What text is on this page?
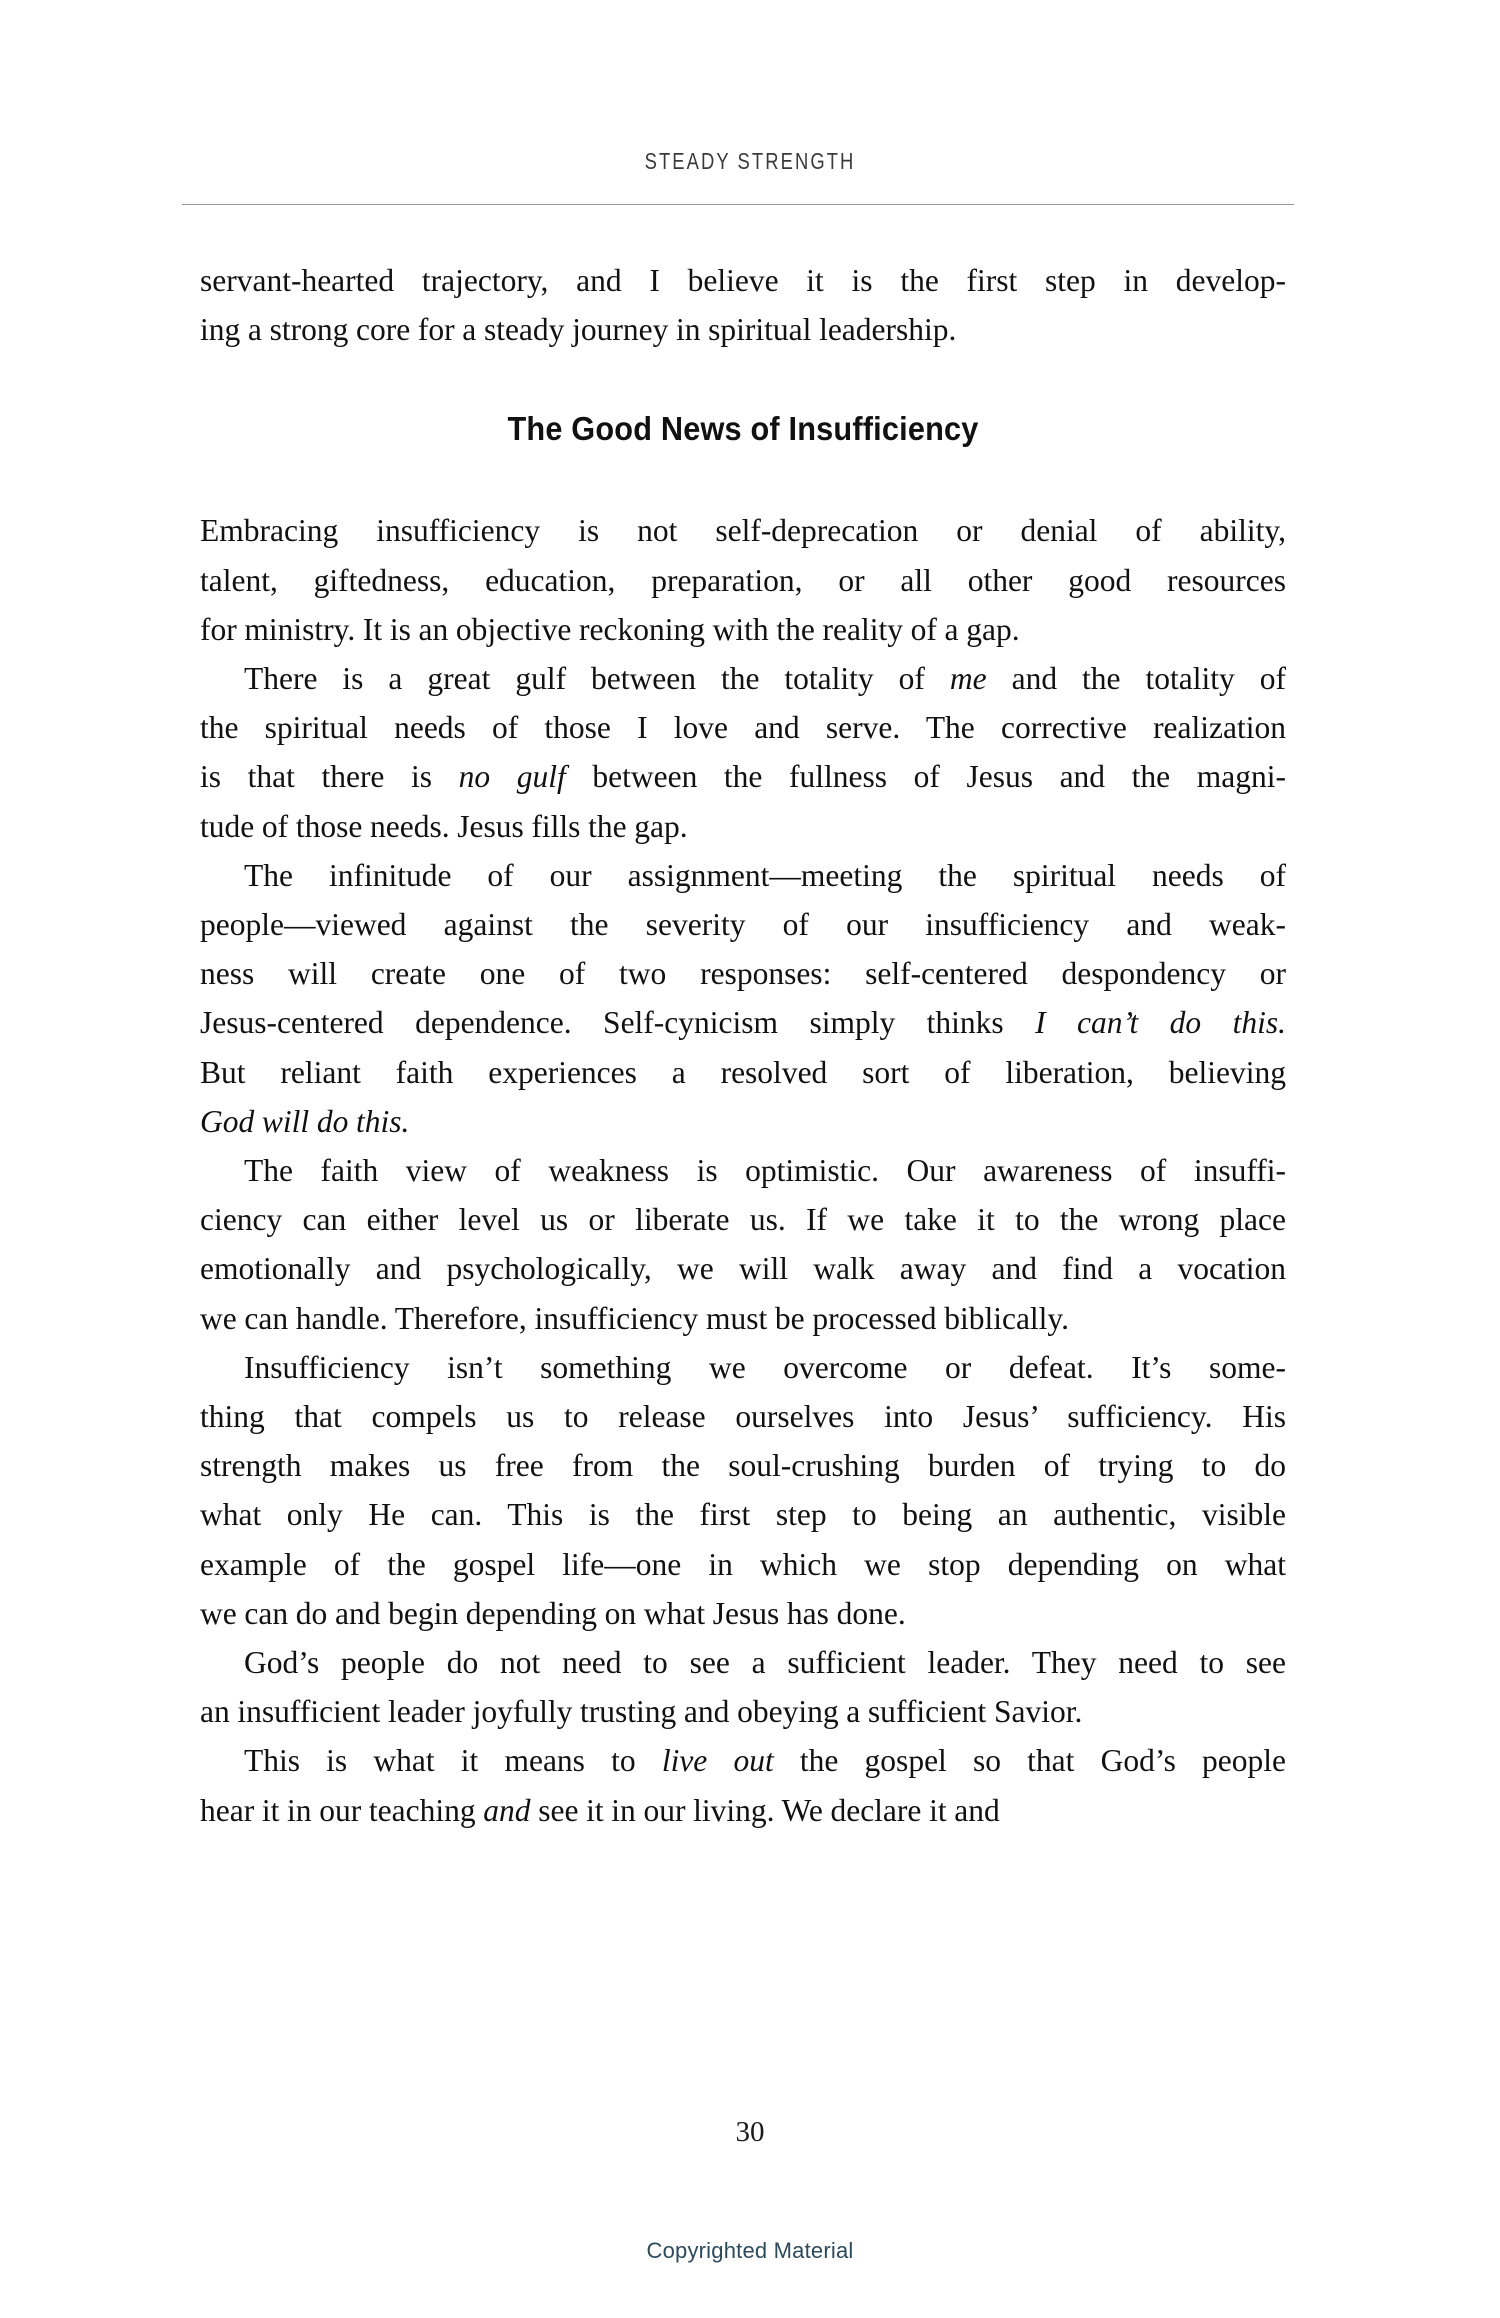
STEADY STRENGTH

servant-hearted trajectory, and I believe it is the first step in develop-
ing a strong core for a steady journey in spiritual leadership.

The Good News of Insufficiency

Embracing insufficiency is not self-deprecation or denial of ability,
talent, giftedness, education, preparation, or all other good resources
for ministry. It is an objective reckoning with the reality of a gap.

There is a great gulf between the totality of me and the totality of
the spiritual needs of those I love and serve. The corrective realization
is that there is no gulf between the fullness of Jesus and the magni-
tude of those needs. Jesus fills the gap.

The infinitude of our assignment—meeting the spiritual needs of
people—viewed against the severity of our insufficiency and weak-
ness will create one of two responses: self-centered despondency or
Jesus-centered dependence. Self-cynicism simply thinks I can’t do this.
But reliant faith experiences a resolved sort of liberation, believing
God will do this.

The faith view of weakness is optimistic. Our awareness of insuffi-
ciency can either level us or liberate us. If we take it to the wrong place
emotionally and psychologically, we will walk away and find a vocation
we can handle. Therefore, insufficiency must be processed biblically.

Insufficiency isn’t something we overcome or defeat. It’s some-
thing that compels us to release ourselves into Jesus’ sufficiency. His
strength makes us free from the soul-crushing burden of trying to do
what only He can. This is the first step to being an authentic, visible
example of the gospel life—one in which we stop depending on what
we can do and begin depending on what Jesus has done.

God’s people do not need to see a sufficient leader. They need to see
an insufficient leader joyfully trusting and obeying a sufficient Savior.

This is what it means to live out the gospel so that God’s people
hear it in our teaching and see it in our living. We declare it and

30
Copyrighted Material
